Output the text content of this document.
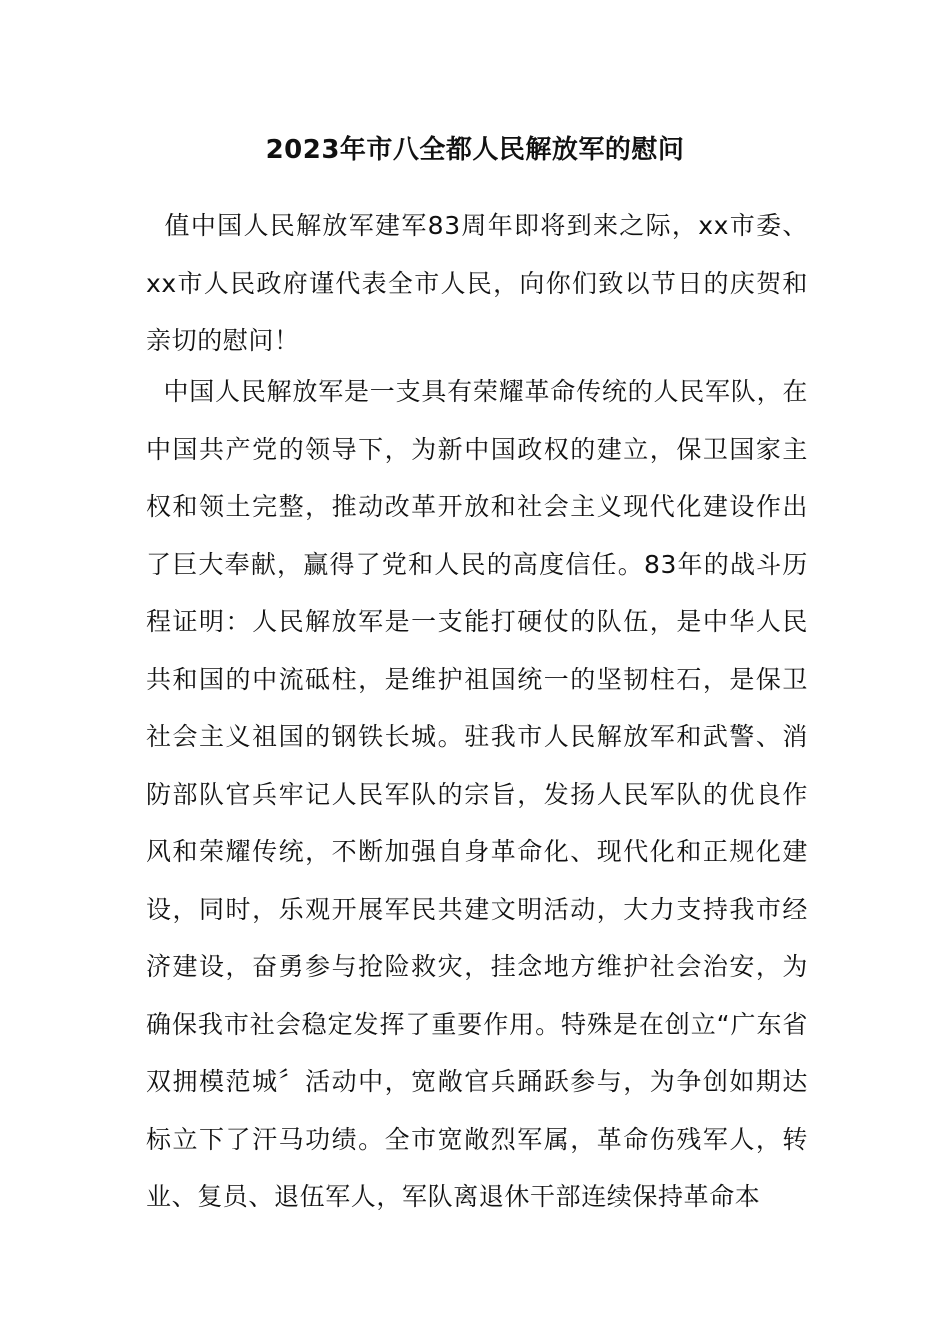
2023年市八全都人民解放军的慰问

值中国人民解放军建军83周年即将到来之际，xx市委、xx市人民政府谨代表全市人民，向你们致以节日的庆贺和亲切的慰问！

中国人民解放军是一支具有荣耀革命传统的人民军队，在中国共产党的领导下，为新中国政权的建立，保卫国家主权和领土完整，推动改革开放和社会主义现代化建设作出了巨大奉献，赢得了党和人民的高度信任。83年的战斗历程证明：人民解放军是一支能打硬仗的队伍，是中华人民共和国的中流砥柱，是维护祖国统一的坚韧柱石，是保卫社会主义祖国的钢铁长城。驻我市人民解放军和武警、消防部队官兵牢记人民军队的宗旨，发扬人民军队的优良作风和荣耀传统，不断加强自身革命化、现代化和正规化建设，同时，乐观开展军民共建文明活动，大力支持我市经济建设，奋勇参与抢险救灾，挂念地方维护社会治安，为确保我市社会稳定发挥了重要作用。特殊是在创立“广东省双拥模范城〞活动中，宽敞官兵踊跃参与，为争创如期达标立下了汗马功绩。全市宽敞烈军属，革命伤残军人，转业、复员、退伍军人，军队离退休干部连续保持革命本
